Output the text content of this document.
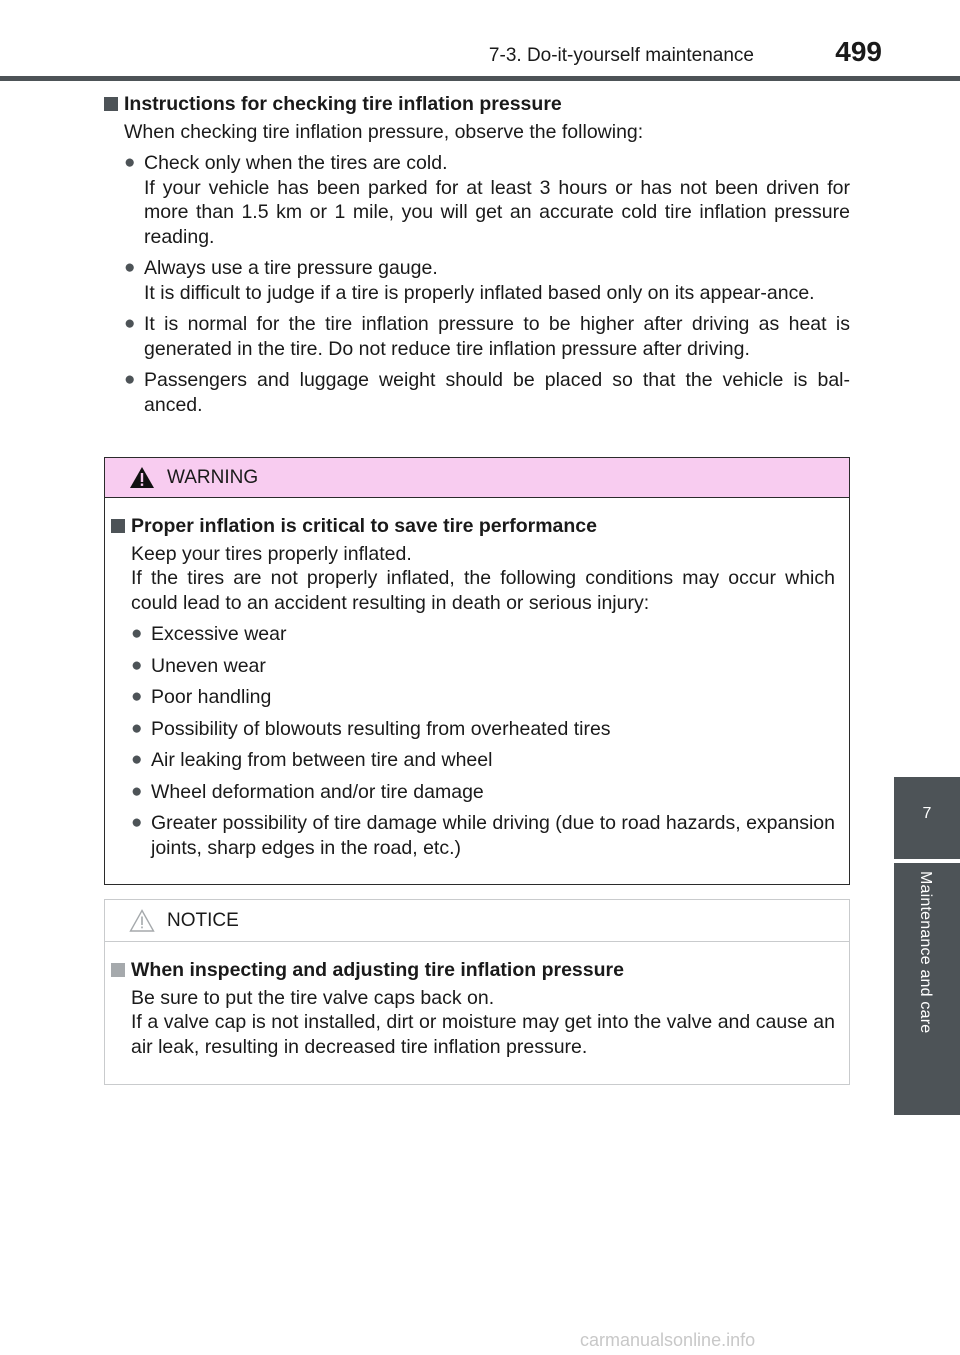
7-3. Do-it-yourself maintenance	499
7
Maintenance and care
Instructions for checking tire inflation pressure
When checking tire inflation pressure, observe the following:
● Check only when the tires are cold.

If your vehicle has been parked for at least 3 hours or has not been driven for more than 1.5 km or 1 mile, you will get an accurate cold tire inflation pressure reading.

● Always use a tire pressure gauge.

It is difficult to judge if a tire is properly inflated based only on its appear-ance.

● It is normal for the tire inflation pressure to be higher after driving as heat is generated in the tire. Do not reduce tire inflation pressure after driving.

● Passengers and luggage weight should be placed so that the vehicle is bal-anced.

WARNING
Proper inflation is critical to save tire performance
Keep your tires properly inflated.
If the tires are not properly inflated, the following conditions may occur which could lead to an accident resulting in death or serious injury:
● Excessive wear
● Uneven wear
● Poor handling
● Possibility of blowouts resulting from overheated tires
● Air leaking from between tire and wheel
● Wheel deformation and/or tire damage
● Greater possibility of tire damage while driving (due to road hazards, expansion joints, sharp edges in the road, etc.)
NOTICE
When inspecting and adjusting tire inflation pressure
Be sure to put the tire valve caps back on.
If a valve cap is not installed, dirt or moisture may get into the valve and cause an air leak, resulting in decreased tire inflation pressure.
carmanualsonline.info
